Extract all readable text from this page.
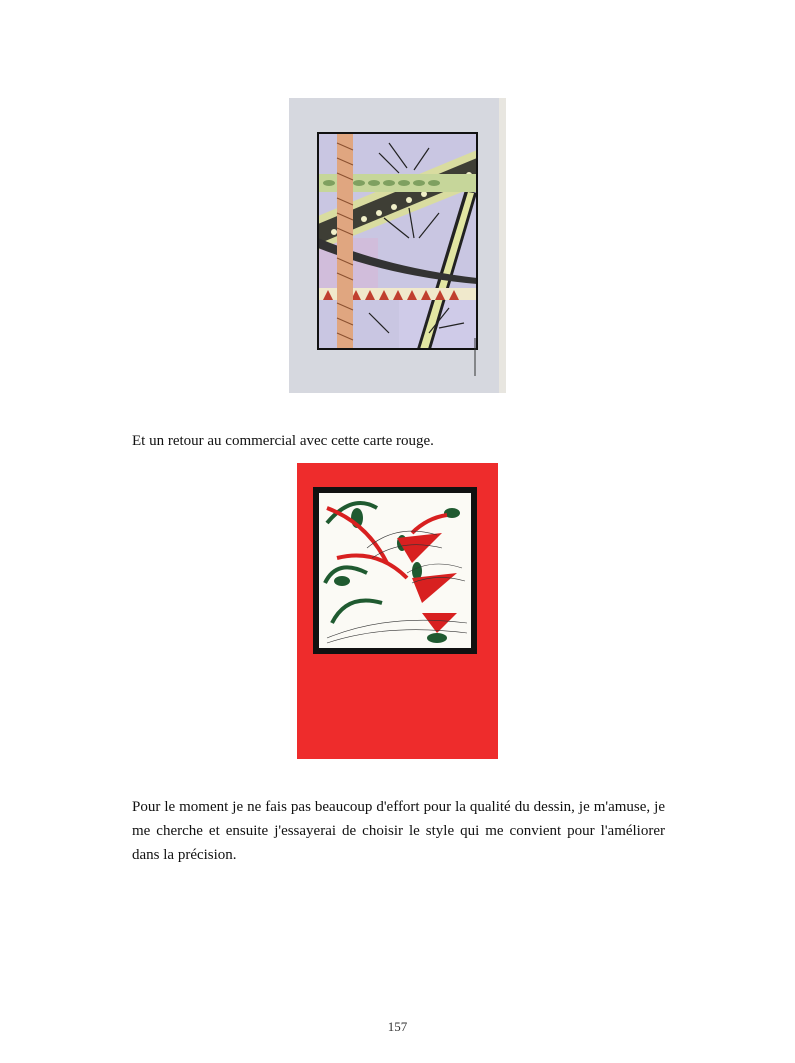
Et un retour au commercial avec cette carte rouge.

Pour le moment je ne fais pas beaucoup d'effort pour la qualité du dessin, je m'amuse, je me cherche et ensuite j'essayerai de choisir le style qui me convient pour l'améliorer dans la précision.

157
